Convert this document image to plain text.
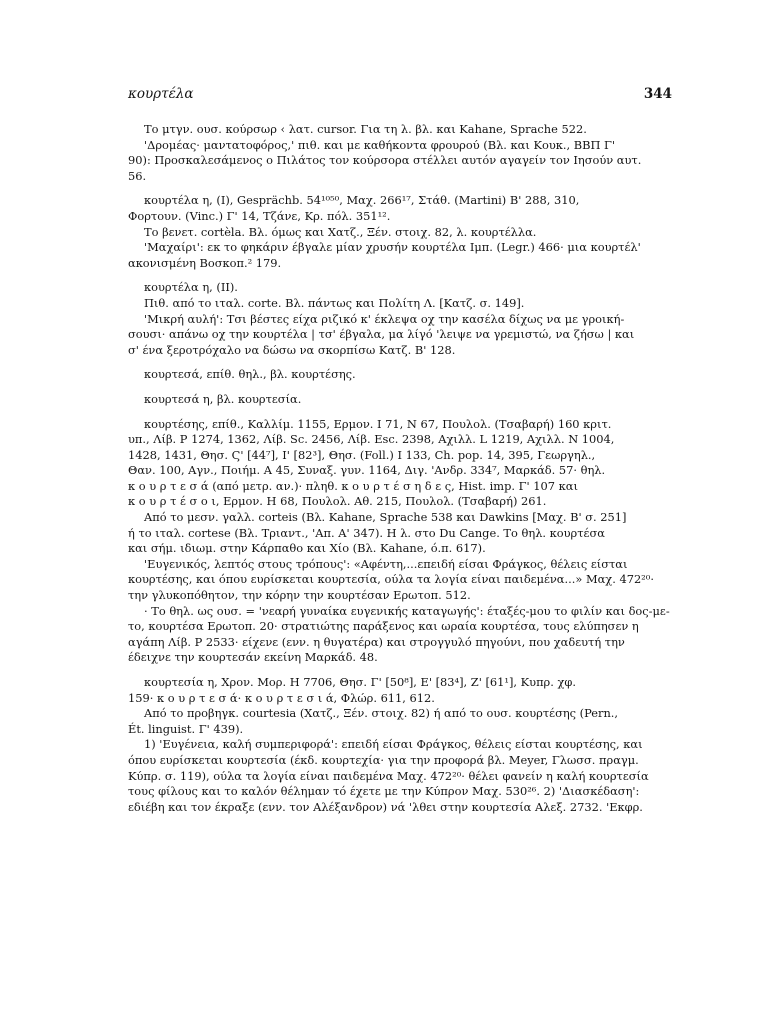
κουρτέλα	344
Το μτγν. ουσ. κούρσωρ ‹ λατ. cursor. Για τη λ. βλ. και Kahane, Sprache 522.
'Δρομέας· μαντατοφόρος,' πιθ. και με καθήκοντα φρουρού (Βλ. και Κουκ., ΒΒΠ Γ'
90): Προσκαλεσάμενος ο Πιλάτος τον κούρσορα στέλλει αυτόν αγαγείν τον Ιησούν αυτ.
56.
κουρτέλα η, (I), Gesprächb. 54¹⁰⁵⁰, Μαχ. 266¹⁷, Στάθ. (Martini) Β' 288, 310,
Φορτουν. (Vinc.) Γ' 14, Τζάνε, Κρ. πόλ. 351¹².
Το βενετ. cortèla. Βλ. όμως και Χατζ., Ξέν. στοιχ. 82, λ. κουρτέλλα.
'Μαχαίρι': εκ το φηκάριν έβγαλε μίαν χρυσήν κουρτέλα Ιμπ. (Legr.) 466· μια κουρτέλ'
ακονισμένη Βοσκοπ.² 179.
κουρτέλα η, (II).
Πιθ. από το ιταλ. corte. Βλ. πάντως και Πολίτη Λ. [Κατζ. σ. 149].
'Μικρή αυλή': Τσι βέστες είχα ριζικό κ' έκλεψα οχ την κασέλα δίχως να με γροική-
σουσι· απάνω οχ την κουρτέλα | τσ' έβγαλα, μα λίγό 'λειψε να γρεμιστώ, να ζήσω | και
σ' ένα ξεροτρόχαλο να δώσω να σκορπίσω Κατζ. Β' 128.
κουρτεσά, επίθ. θηλ., βλ. κουρτέσης.
κουρτεσά η, βλ. κουρτεσία.
κουρτέσης, επίθ., Καλλίμ. 1155, Ερμον. Ι 71, Ν 67, Πουλολ. (Τσαβαρή) 160 κριτ.
υπ., Λίβ. P 1274, 1362, Λίβ. Sc. 2456, Λίβ. Esc. 2398, Αχιλλ. L 1219, Αχιλλ. N 1004,
1428, 1431, Θησ. Ϛ' [44⁷], Ι' [82³], Θησ. (Foll.) Ι 133, Ch. pop. 14, 395, Γεωργηλ.,
Θαν. 100, Αγν., Ποιήμ. Α 45, Συναξ. γυν. 1164, Διγ. 'Ανδρ. 334⁷, Μαρκάδ. 57· θηλ.
κ ο υ ρ τ ε σ ά (από μετρ. αν.)· πληθ. κ ο υ ρ τ έ σ η δ ε ς, Hist. imp. Γ' 107 και
κ ο υ ρ τ έ σ ο ι, Ερμον. Η 68, Πουλολ. Αθ. 215, Πουλολ. (Τσαβαρή) 261.
Από το μεσν. γαλλ. corteis (Βλ. Kahane, Sprache 538 και Dawkins [Μαχ. Β' σ. 251]
ή το ιταλ. cortese (Βλ. Τριαντ., 'Απ. Α' 347). Η λ. στο Du Cange. Το θηλ. κουρτέσα
και σήμ. ιδιωμ. στην Κάρπαθο και Χίο (Βλ. Kahane, ό.π. 617).
'Ευγενικός, λεπτός στους τρόπους': «Αφέντη,...επειδή είσαι Φράγκος, θέλεις είσται
κουρτέσης, και όπου ευρίσκεται κουρτεσία, ούλα τα λογία είναι παιδεμένα...» Μαχ. 472²⁰·
την γλυκοπόθητον, την κόρην την κουρτέσαν Ερωτοπ. 512.
· Το θηλ. ως ουσ. = 'νεαρή γυναίκα ευγενικής καταγωγής': έταξές-μου το φιλίν και δος-με-
το, κουρτέσα Ερωτοπ. 20· στρατιώτης παράξενος και ωραία κουρτέσα, τους ελύπησεν η
αγάπη Λίβ. P 2533· είχενε (ενν. η θυγατέρα) και στρογγυλό πηγούνι, που χαδευτή την
έδειχνε την κουρτεσάν εκείνη Μαρκάδ. 48.
κουρτεσία η, Χρον. Μορ. Η 7706, Θησ. Γ' [50⁸], Ε' [83⁴], Ζ' [61¹], Κυπρ. χφ.
159· κ ο υ ρ τ ε σ ά· κ ο υ ρ τ ε σ ι ά, Φλώρ. 611, 612.
Από το προβηγκ. courtesia (Χατζ., Ξέν. στοιχ. 82) ή από το ουσ. κουρτέσης (Pern.,
Ét. linguist. Γ' 439).
1) 'Ευγένεια, καλή συμπεριφορά': επειδή είσαι Φράγκος, θέλεις είσται κουρτέσης, και
όπου ευρίσκεται κουρτεσία (έκδ. κουρτεχία· για την προφορά βλ. Meyer, Γλωσσ. πραγμ.
Κύπρ. σ. 119), ούλα τα λογία είναι παιδεμένα Μαχ. 472²⁰· θέλει φανείν η καλή κουρτεσία
τους φίλους και το καλόν θέλημαν τό έχετε με την Κύπρον Μαχ. 530²⁶. 2) 'Διασκέδαση':
εδιέβη και τον έκραξε (ενν. τον Αλέξανδρον) νά 'λθει στην κουρτεσία Αλεξ. 2732. 'Εκφρ.
